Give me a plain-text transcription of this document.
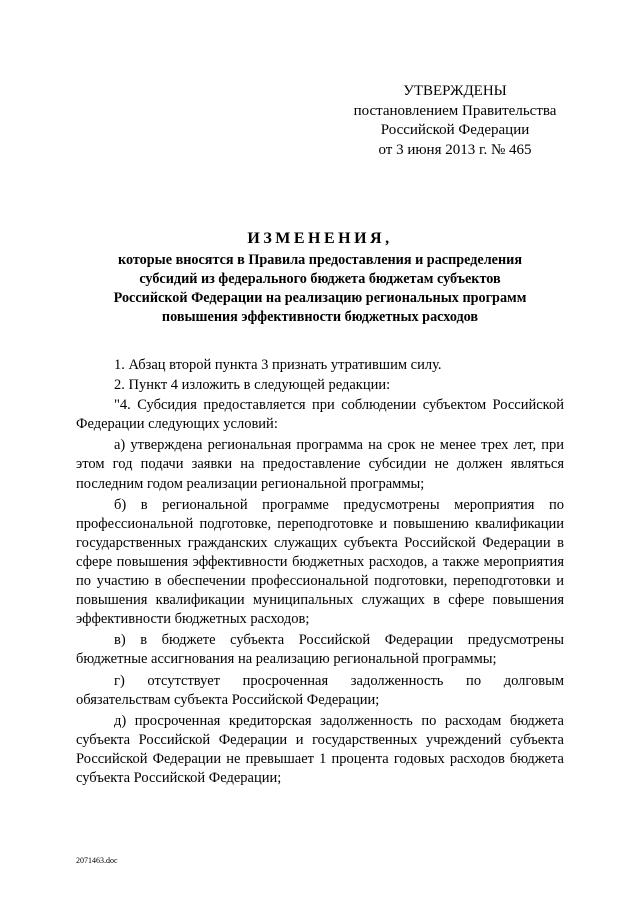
УТВЕРЖДЕНЫ
постановлением Правительства
Российской Федерации
от 3 июня 2013 г. № 465
ИЗМЕНЕНИЯ,
которые вносятся в Правила предоставления и распределения
субсидий из федерального бюджета бюджетам субъектов
Российской Федерации на реализацию региональных программ
повышения эффективности бюджетных расходов

1. Абзац второй пункта 3 признать утратившим силу.

2. Пункт 4 изложить в следующей редакции:

"4. Субсидия предоставляется при соблюдении субъектом Российской Федерации следующих условий:

а) утверждена региональная программа на срок не менее трех лет, при этом год подачи заявки на предоставление субсидии не должен являться последним годом реализации региональной программы;

б) в региональной программе предусмотрены мероприятия по профессиональной подготовке, переподготовке и повышению квалификации государственных гражданских служащих субъекта Российской Федерации в сфере повышения эффективности бюджетных расходов, а также мероприятия по участию в обеспечении профессиональной подготовки, переподготовки и повышения квалификации муниципальных служащих в сфере повышения эффективности бюджетных расходов;

в) в бюджете субъекта Российской Федерации предусмотрены бюджетные ассигнования на реализацию региональной программы;

г) отсутствует просроченная задолженность по долговым обязательствам субъекта Российской Федерации;

д) просроченная кредиторская задолженность по расходам бюджета субъекта Российской Федерации и государственных учреждений субъекта Российской Федерации не превышает 1 процента годовых расходов бюджета субъекта Российской Федерации;

2071463.doc
